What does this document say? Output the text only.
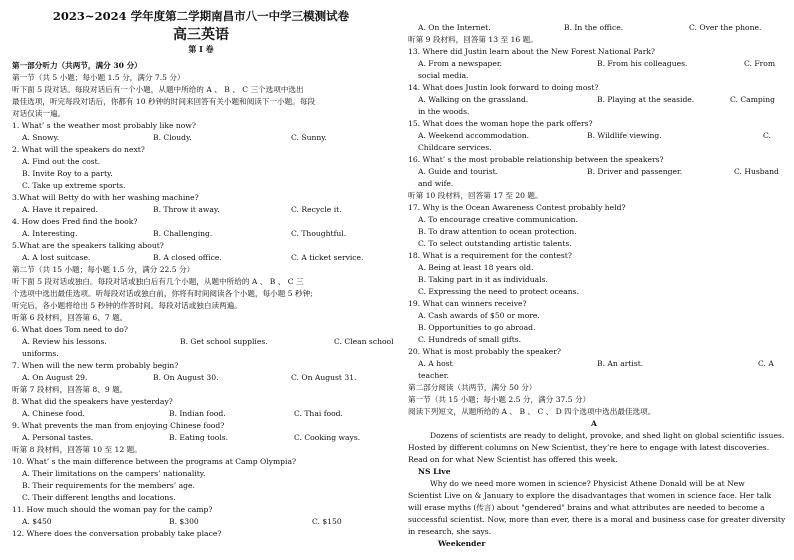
2023~2024 学年度第二学期南昌市八一中学三模测试卷
高三英语
第 I 卷
第一部分听力（共两节，满分 30 分）
第一节（共 5 小题；每小题 1.5 分，满分 7.5 分）
听下面 5 段对话。每段对话后有一个小题，从题中所给的 A 、 B 、 C 三个选项中选出
最佳选项，听完每段对话后，你都有 10 秒钟的时间来回答有关小题和阅读下一小题。每段
对话仅读一遍。
1. What’ s the weather most probably like now?
A. Snowy.	B. Cloudy.	C. Sunny.
2. What will the speakers do next?
A. Find out the cost.
B. Invite Roy to a party.
C. Take up extreme sports.
3.What will Betty do with her washing machine?
A. Have it repaired.	B. Throw it away.	C. Recycle it.
4. How does Fred find the book?
A. Interesting.	B. Challenging.	C. Thoughtful.
5.What are the speakers talking about?
A. A lost suitcase.	B. A closed office.	C. A ticket service.
第二节（共 15 小题；每小题 1.5 分，满分 22.5 分）
听下面 5 段对话或独白。每段对话或独白后有几个小题，从题中所给的 A 、 B 、 C 三
个选项中选出最佳选项。听每段对话或独白前，你将有时间阅读各个小题，每小题 5 秒钟;
听完后，各小题将给出 5 秒钟的作答时间。每段对话或独白读两遍。
听第 6 段材料，回答第 6、7 题。
6. What does Tom need to do?
A. Review his lessons.	B. Get school supplies.	C. Clean school
uniforms.
7. When will the new term probably begin?
A. On August 29.	B. On August 30.	C. On August 31.
听第 7 段材料，回答第 8、9 题。
8. What did the speakers have yesterday?
A. Chinese food.	B. Indian food.	C. Thai food.
9. What prevents the man from enjoying Chinese food?
A. Personal tastes.	B. Eating tools.	C. Cooking ways.
听第 8 段材料，回答第 10 至 12 题。
10. What’ s the main difference between the programs at Camp Olympia?
A. Their limitations on the campers’ nationality.
B. Their requirements for the members’ age.
C. Their different lengths and locations.
11. How much should the woman pay for the camp?
A. $450	B. $300	C. $150
12. Where does the conversation probably take place?
A. On the Internet.	B. In the office.	C. Over the phone.
听第 9 段材料，回答第 13 至 16 题。
13. Where did Justin learn about the New Forest National Park?
A. From a newspaper.	B. From his colleagues.	C. From
social media.
14. What does Justin look forward to doing most?
A. Walking on the grassland.	B. Playing at the seaside.	C. Camping
in the woods.
15. What does the woman hope the park offers?
A. Weekend accommodation.	B. Wildlife viewing.	C.
Childcare services.
16. What’ s the most probable relationship between the speakers?
A. Guide and tourist.	B. Driver and passenger.	C. Husband
and wife.
听第 10 段材料，回答第 17 至 20 题。
17. Why is the Ocean Awareness Contest probably held?
A. To encourage creative communication.
B. To draw attention to ocean protection.
C. To select outstanding artistic talents.
18. What is a requirement for the contest?
A. Being at least 18 years old.
B. Taking part in it as individuals.
C. Expressing the need to protect oceans.
19. What can winners receive?
A. Cash awards of $50 or more.
B. Opportunities to go abroad.
C. Hundreds of small gifts.
20. What is most probably the speaker?
A. A host	B. An artist.	C. A
teacher.
第二部分阅读（共两节，满分 50 分）
第一节（共 15 小题；每小题 2.5 分，满分 37.5 分）
阅读下列短文，从题所给的 A 、 B 、 C 、 D 四个选项中选出最佳选项。
A
Dozens of scientists are ready to delight, provoke, and shed light on global scientific issues.
Hosted by different columns on New Scientist, they’re here to engage with latest discoveries.
Read on for what New Scientist has offered this week.
NS Live
Why do we need more women in science? Physicist Athene Donald will be at New
Scientist Live on & January to explore the disadvantages that women in science face. Her talk
will erase myths (传言) about "gendered" brains and what attributes are needed to become a
successful scientist. Now, more than ever, there is a moral and business case for greater diversity
in research, she says.
Weekender
